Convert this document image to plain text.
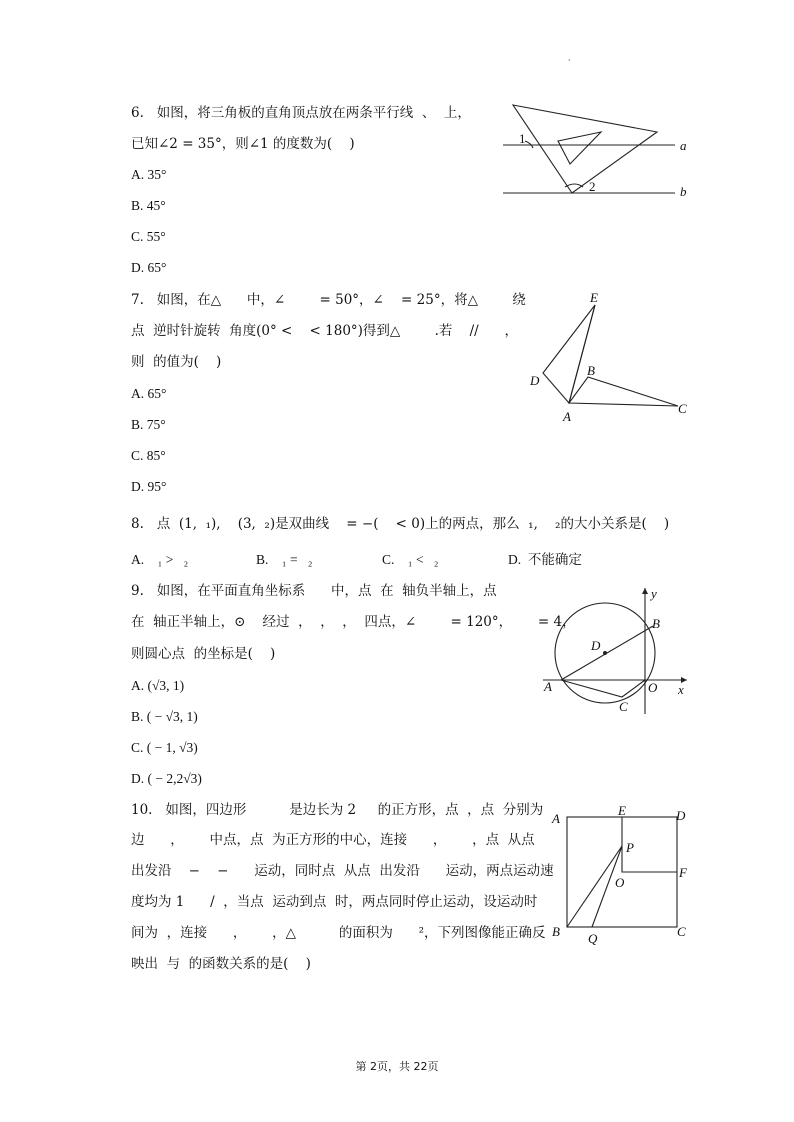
·
6.   如图，将三角板的直角顶点放在两条平行线  、  上，
已知∠2 = 35°，则∠1 的度数为(    )
A. 35°
B. 45°
C. 55°
D. 65°
a
b
1
2
7.   如图，在△      中，∠        = 50°，∠    = 25°，将△        绕
点  逆时针旋转  角度(0° <    < 180°)得到△        .若    //      ，
则  的值为(    )
A. 65°
B. 75°
C. 85°
D. 95°
E
D
B
A
C
8.   点  (1,  ₁),    (3,  ₂)是双曲线    = −(    < 0)上的两点，那么  ₁,    ₂的大小关系是(    )
A.    ₁ >   ₂	B.    ₁ =   ₂	C.    ₁ <   ₂	D.  不能确定
9.   如图，在平面直角坐标系      中，点  在  轴负半轴上，点
在  轴正半轴上，⊙    经过  ，  ，  ，  四点，∠        = 120°，      = 4，
则圆心点  的坐标是(    )
A. (√3, 1)
B. ( − √3, 1)
C. ( − 1, √3)
D. ( − 2,2√3)
y
B
D
A	O x
C
10.   如图，四边形          是边长为 2     的正方形，点  ，点  分别为
边      ，      中点，点  为正方形的中心，连接      ，      ，点  从点
出发沿    −    −      运动，同时点  从点  出发沿      运动，两点运动速
度均为 1      /  ，当点  运动到点  时，两点同时停止运动，设运动时
间为  ，连接      ，      ，△          的面积为      ²，下列图像能正确反
映出  与  的函数关系的是(    )
A
E	D
P
O
F
B Q	C
第 2页，共 22页
